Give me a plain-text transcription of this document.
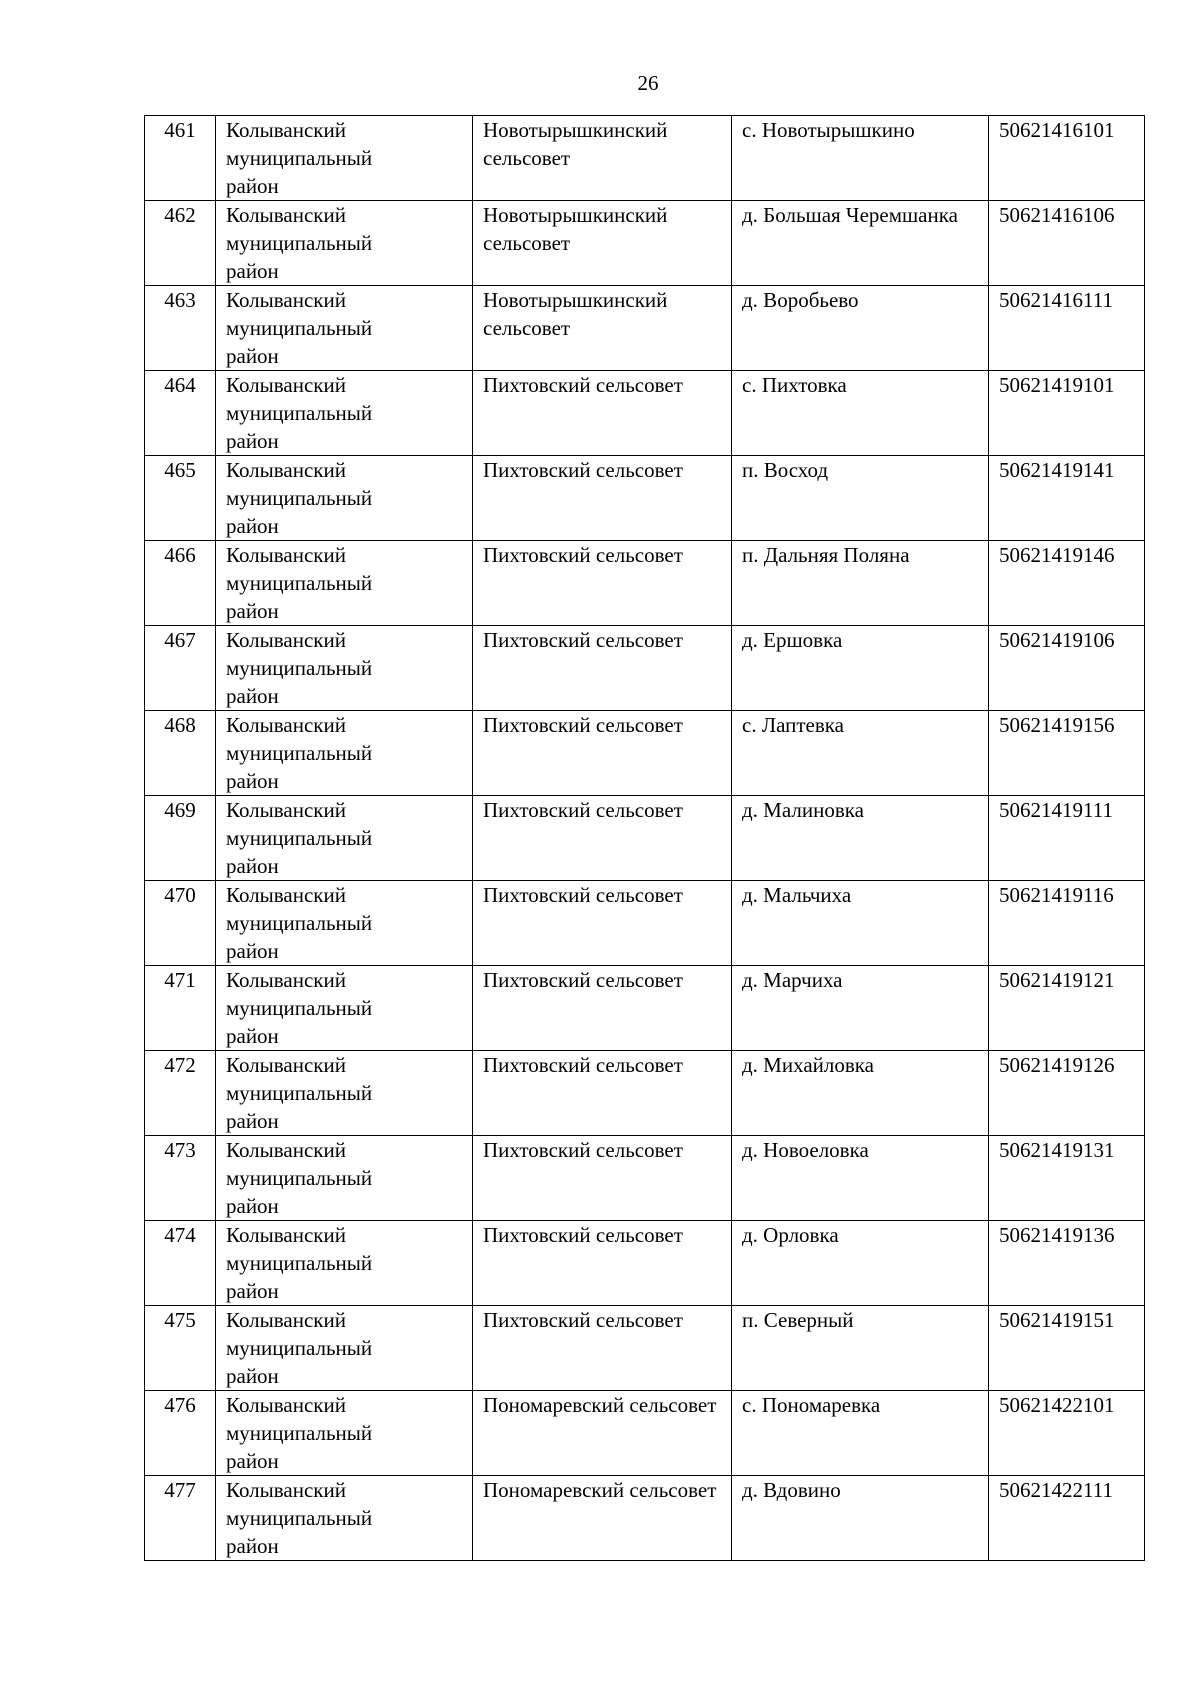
26
461	Колыванский
муниципальный
район	Новотырышкинский сельсовет	с. Новотырышкино	50621416101
462	Колыванский
муниципальный
район	Новотырышкинский сельсовет	д. Большая Черемшанка	50621416106
463	Колыванский
муниципальный
район	Новотырышкинский сельсовет	д. Воробьево	50621416111
464	Колыванский
муниципальный
район	Пихтовский сельсовет	с. Пихтовка	50621419101
465	Колыванский
муниципальный
район	Пихтовский сельсовет	п. Восход	50621419141
466	Колыванский
муниципальный
район	Пихтовский сельсовет	п. Дальняя Поляна	50621419146
467	Колыванский
муниципальный
район	Пихтовский сельсовет	д. Ершовка	50621419106
468	Колыванский
муниципальный
район	Пихтовский сельсовет	с. Лаптевка	50621419156
469	Колыванский
муниципальный
район	Пихтовский сельсовет	д. Малиновка	50621419111
470	Колыванский
муниципальный
район	Пихтовский сельсовет	д. Мальчиха	50621419116
471	Колыванский
муниципальный
район	Пихтовский сельсовет	д. Марчиха	50621419121
472	Колыванский
муниципальный
район	Пихтовский сельсовет	д. Михайловка	50621419126
473	Колыванский
муниципальный
район	Пихтовский сельсовет	д. Новоеловка	50621419131
474	Колыванский
муниципальный
район	Пихтовский сельсовет	д. Орловка	50621419136
475	Колыванский
муниципальный
район	Пихтовский сельсовет	п. Северный	50621419151
476	Колыванский
муниципальный
район	Пономаревский сельсовет	с. Пономаревка	50621422101
477	Колыванский
муниципальный
район	Пономаревский сельсовет	д. Вдовино	50621422111
